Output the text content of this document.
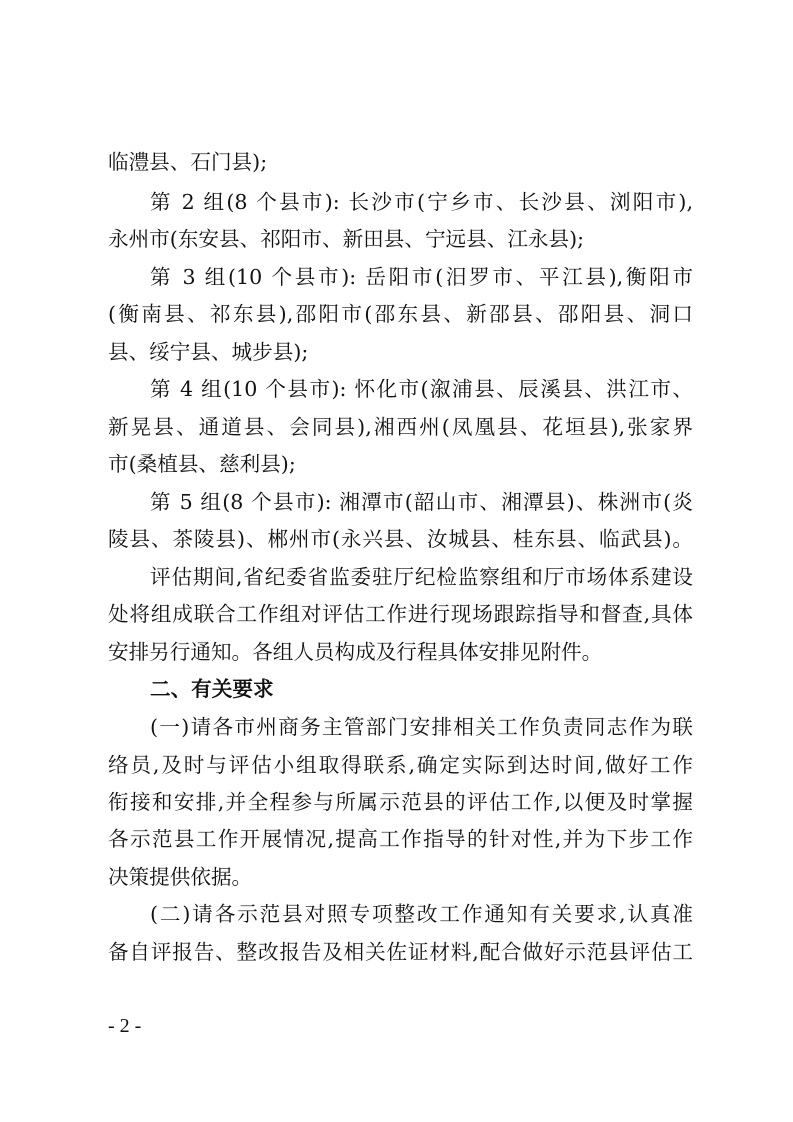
临澧县、石门县);
第 2 组(8 个县市): 长沙市(宁乡市、长沙县、浏阳市),
永州市(东安县、祁阳市、新田县、宁远县、江永县);
第 3 组(10 个县市): 岳阳市(汨罗市、平江县),衡阳市
(衡南县、祁东县),邵阳市(邵东县、新邵县、邵阳县、洞口
县、绥宁县、城步县);
第 4 组(10 个县市): 怀化市(溆浦县、辰溪县、洪江市、
新晃县、通道县、会同县),湘西州(凤凰县、花垣县),张家界
市(桑植县、慈利县);
第 5 组(8 个县市): 湘潭市(韶山市、湘潭县)、株洲市(炎
陵县、茶陵县)、郴州市(永兴县、汝城县、桂东县、临武县)。
评估期间,省纪委省监委驻厅纪检监察组和厅市场体系建设
处将组成联合工作组对评估工作进行现场跟踪指导和督查,具体
安排另行通知。各组人员构成及行程具体安排见附件。
二、有关要求
(一)请各市州商务主管部门安排相关工作负责同志作为联
络员,及时与评估小组取得联系,确定实际到达时间,做好工作
衔接和安排,并全程参与所属示范县的评估工作,以便及时掌握
各示范县工作开展情况,提高工作指导的针对性,并为下步工作
决策提供依据。
(二)请各示范县对照专项整改工作通知有关要求,认真准
备自评报告、整改报告及相关佐证材料,配合做好示范县评估工
- 2 -
